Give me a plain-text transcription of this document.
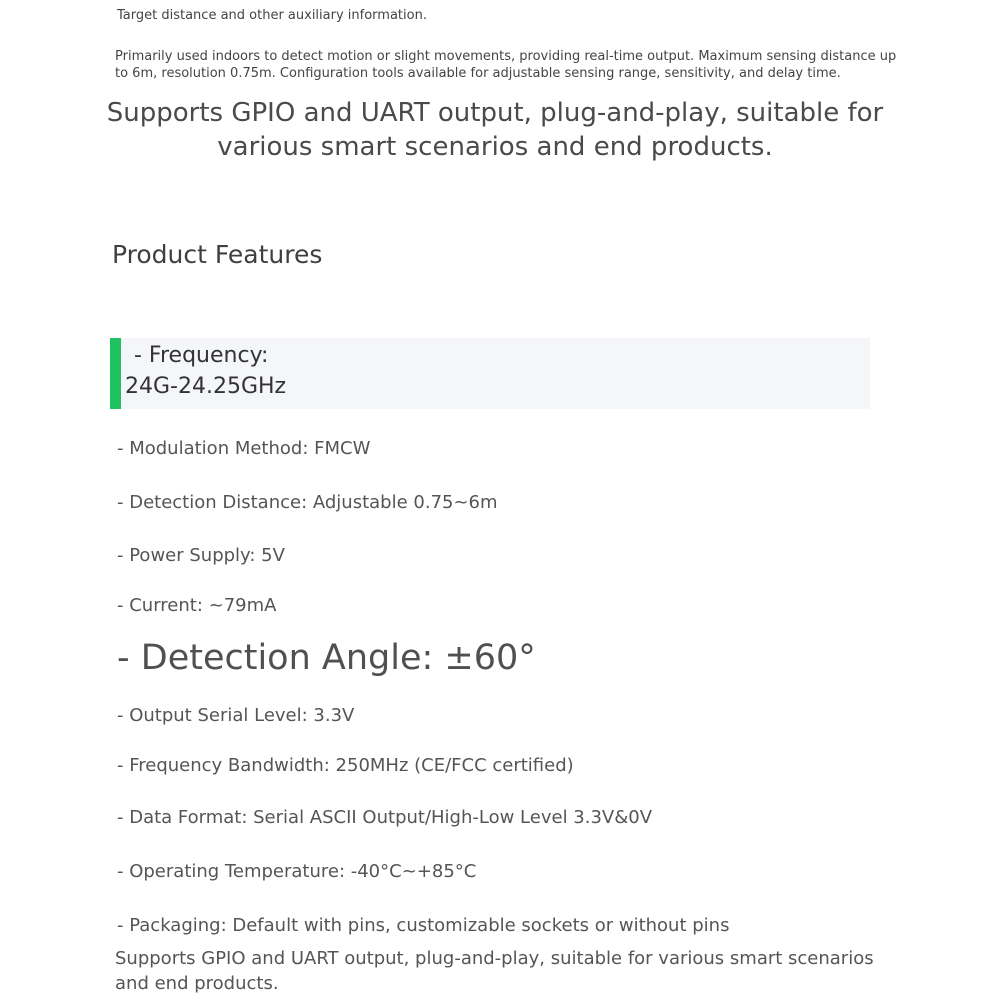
Target distance and other auxiliary information.

Primarily used indoors to detect motion or slight movements, providing real-time output. Maximum sensing distance up to 6m, resolution 0.75m. Configuration tools available for adjustable sensing range, sensitivity, and delay time.

Supports GPIO and UART output, plug-and-play, suitable for various smart scenarios and end products.
Product Features
- Frequency:
24G-24.25GHz
- Modulation Method: FMCW
- Detection Distance: Adjustable 0.75~6m
- Power Supply: 5V
- Current: ~79mA
- Detection Angle: ±60°
- Output Serial Level: 3.3V
- Frequency Bandwidth: 250MHz (CE/FCC certified)
- Data Format: Serial ASCII Output/High-Low Level 3.3V&0V
- Operating Temperature: -40°C~+85°C
- Packaging: Default with pins, customizable sockets or without pins

Supports GPIO and UART output, plug-and-play, suitable for various smart scenarios and end products.
